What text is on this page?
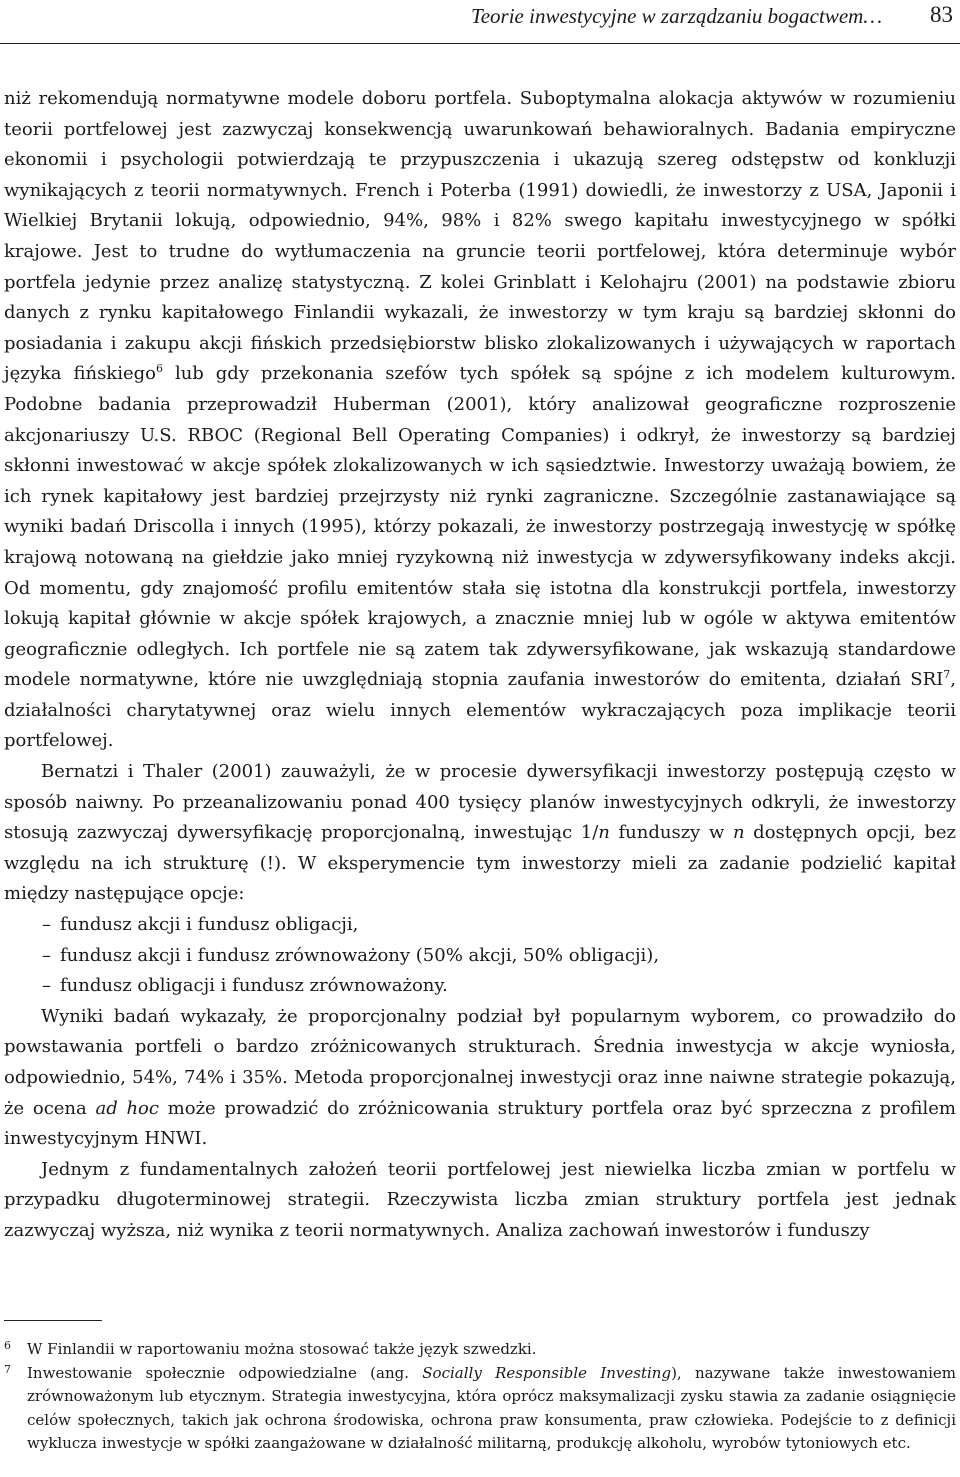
Teorie inwestycyjne w zarządzaniu bogactwem… 83

niż rekomendują normatywne modele doboru portfela. Suboptymalna alokacja aktywów w rozumieniu teorii portfelowej jest zazwyczaj konsekwencją uwarunkowań behawioralnych. Badania empiryczne ekonomii i psychologii potwierdzają te przypuszczenia i ukazują szereg odstępstw od konkluzji wynikających z teorii normatywnych. French i Poterba (1991) dowiedli, że inwestorzy z USA, Japonii i Wielkiej Brytanii lokują, odpowiednio, 94%, 98% i 82% swego kapitału inwestycyjnego w spółki krajowe. Jest to trudne do wytłumaczenia na gruncie teorii portfelowej, która determinuje wybór portfela jedynie przez analizę statystyczną. Z kolei Grinblatt i Kelohajru (2001) na podstawie zbioru danych z rynku kapitałowego Finlandii wykazali, że inwestorzy w tym kraju są bardziej skłonni do posiadania i zakupu akcji fińskich przedsiębiorstw blisko zlokalizowanych i używających w raportach języka fińskiego$^6$ lub gdy przekonania szefów tych spółek są spójne z ich modelem kulturowym. Podobne badania przeprowadził Huberman (2001), który analizował geograficzne rozproszenie akcjonariuszy U.S. RBOC (Regional Bell Operating Companies) i odkrył, że inwestorzy są bardziej skłonni inwestować w akcje spółek zlokalizowanych w ich sąsiedztwie. Inwestorzy uważają bowiem, że ich rynek kapitałowy jest bardziej przejrzysty niż rynki zagraniczne. Szczególnie zastanawiające są wyniki badań Driscolla i innych (1995), którzy pokazali, że inwestorzy postrzegają inwestycję w spółkę krajową notowaną na giełdzie jako mniej ryzykowną niż inwestycja w zdywersyfikowany indeks akcji. Od momentu, gdy znajomość profilu emitentów stała się istotna dla konstrukcji portfela, inwestorzy lokują kapitał głównie w akcje spółek krajowych, a znacznie mniej lub w ogóle w aktywa emitentów geograficznie odległych. Ich portfele nie są zatem tak zdywersyfikowane, jak wskazują standardowe modele normatywne, które nie uwzględniają stopnia zaufania inwestorów do emitenta, działań SRI$^7$, działalności charytatywnej oraz wielu innych elementów wykraczających poza implikacje teorii portfelowej.

Bernatzi i Thaler (2001) zauważyli, że w procesie dywersyfikacji inwestorzy postępują często w sposób naiwny. Po przeanalizowaniu ponad 400 tysięcy planów inwestycyjnych odkryli, że inwestorzy stosują zazwyczaj dywersyfikację proporcjonalną, inwestując 1/n funduszy w n dostępnych opcji, bez względu na ich strukturę (!). W eksperymencie tym inwestorzy mieli za zadanie podzielić kapitał między następujące opcje:

– fundusz akcji i fundusz obligacji,
– fundusz akcji i fundusz zrównoważony (50% akcji, 50% obligacji),
– fundusz obligacji i fundusz zrównoważony.

Wyniki badań wykazały, że proporcjonalny podział był popularnym wyborem, co prowadziło do powstawania portfeli o bardzo zróżnicowanych strukturach. Średnia inwestycja w akcje wyniosła, odpowiednio, 54%, 74% i 35%. Metoda proporcjonalnej inwestycji oraz inne naiwne strategie pokazują, że ocena ad hoc może prowadzić do zróżnicowania struktury portfela oraz być sprzeczna z profilem inwestycyjnym HNWI.

Jednym z fundamentalnych założeń teorii portfelowej jest niewielka liczba zmian w portfelu w przypadku długoterminowej strategii. Rzeczywista liczba zmian struktury portfela jest jednak zazwyczaj wyższa, niż wynika z teorii normatywnych. Analiza zachowań inwestorów i funduszy

6 W Finlandii w raportowaniu można stosować także język szwedzki.

7 Inwestowanie społecznie odpowiedzialne (ang. Socially Responsible Investing), nazywane także inwestowaniem zrównoważonym lub etycznym. Strategia inwestycyjna, która oprócz maksymalizacji zysku stawia za zadanie osiągnięcie celów społecznych, takich jak ochrona środowiska, ochrona praw konsumenta, praw człowieka. Podejście to z definicji wyklucza inwestycje w spółki zaangażowane w działalność militarną, produkcję alkoholu, wyrobów tytoniowych etc.
